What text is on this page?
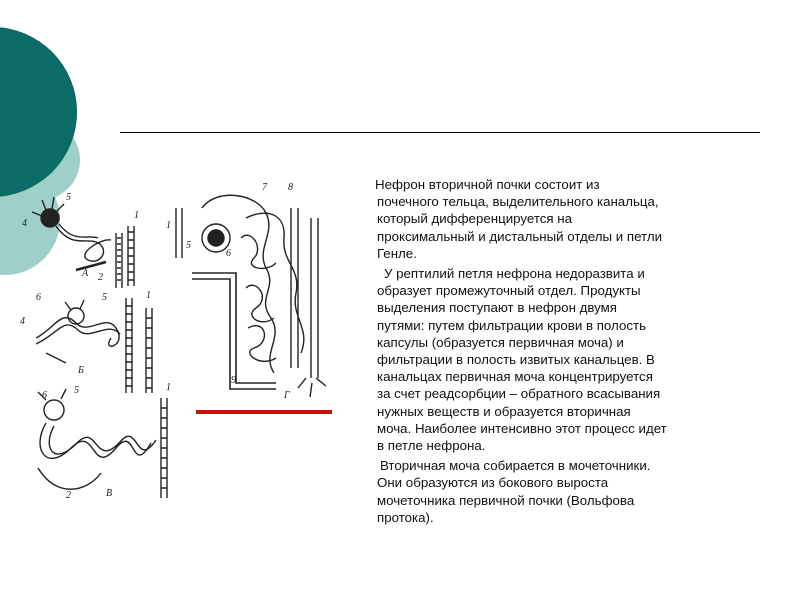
А
Б
В
Г
5
4
1
2
6	5
4
1
6	5	1
2
7 8
1
5
6
9

Нефрон вторичной почки состоит из
почечного тельца, выделительного канальца,
который дифференцируется на
проксимальный и дистальный отделы и петли
Генле.

У рептилий петля нефрона недоразвита и
образует промежуточный отдел. Продукты
выделения поступают в нефрон двумя
путями: путем фильтрации крови в полость
капсулы (образуется первичная моча) и
фильтрации в полость извитых канальцев. В
канальцах первичная моча концентрируется
за счет реадсорбции – обратного всасывания
нужных веществ и образуется вторичная
моча. Наиболее интенсивно этот процесс идет
в петле нефрона.

Вторичная моча собирается в мочеточники.
Они образуются из бокового выроста
мочеточника первичной почки (Вольфова
протока).
